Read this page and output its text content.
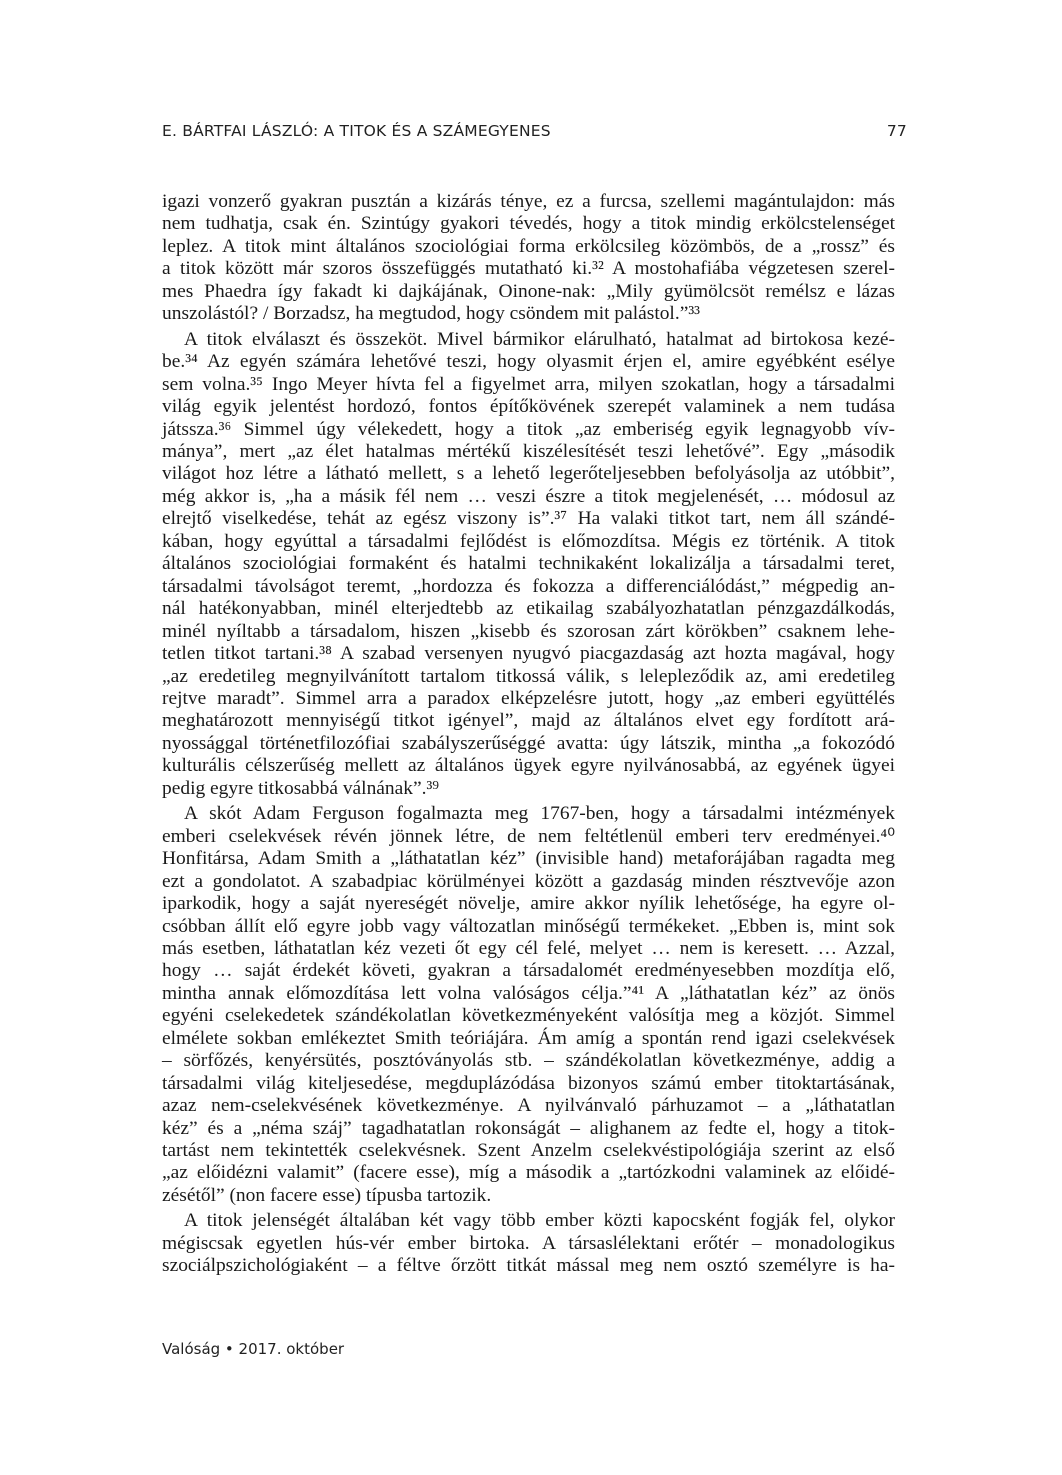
E. BÁRTFAI LÁSZLÓ: A TITOK ÉS A SZÁMEGYENES	77
igazi vonzerő gyakran pusztán a kizárás ténye, ez a furcsa, szellemi magántulajdon: más
nem tudhatja, csak én. Szintúgy gyakori tévedés, hogy a titok mindig erkölcstelenséget
leplez. A titok mint általános szociológiai forma erkölcsileg közömbös, de a „rossz” és
a titok között már szoros összefüggés mutatható ki.³² A mostohafiába végzetesen szerel-
mes Phaedra így fakadt ki dajkájának, Oinone-nak: „Mily gyümölcsöt remélsz e lázas
unszolástól? / Borzadsz, ha megtudod, hogy csöndem mit palástol.”³³
A titok elválaszt és összeköt. Mivel bármikor elárulható, hatalmat ad birtokosa kezé-
be.³⁴ Az egyén számára lehetővé teszi, hogy olyasmit érjen el, amire egyébként esélye
sem volna.³⁵ Ingo Meyer hívta fel a figyelmet arra, milyen szokatlan, hogy a társadalmi
világ egyik jelentést hordozó, fontos építőkövének szerepét valaminek a nem tudása
játssza.³⁶ Simmel úgy vélekedett, hogy a titok „az emberiség egyik legnagyobb vív-
mánya”, mert „az élet hatalmas mértékű kiszélesítését teszi lehetővé”. Egy „második
világot hoz létre a látható mellett, s a lehető legerőteljesebben befolyásolja az utóbbit”,
még akkor is, „ha a másik fél nem … veszi észre a titok megjelenését, … módosul az
elrejtő viselkedése, tehát az egész viszony is”.³⁷ Ha valaki titkot tart, nem áll szándé-
kában, hogy egyúttal a társadalmi fejlődést is előmozdítsa. Mégis ez történik. A titok
általános szociológiai formaként és hatalmi technikaként lokalizálja a társadalmi teret,
társadalmi távolságot teremt, „hordozza és fokozza a differenciálódást,” mégpedig an-
nál hatékonyabban, minél elterjedtebb az etikailag szabályozhatatlan pénzgazdálkodás,
minél nyíltabb a társadalom, hiszen „kisebb és szorosan zárt körökben” csaknem lehe-
tetlen titkot tartani.³⁸ A szabad versenyen nyugvó piacgazdaság azt hozta magával, hogy
„az eredetileg megnyilvánított tartalom titkossá válik, s lelepleződik az, ami eredetileg
rejtve maradt”. Simmel arra a paradox elképzelésre jutott, hogy „az emberi együttélés
meghatározott mennyiségű titkot igényel”, majd az általános elvet egy fordított ará-
nyossággal történetfilozófiai szabályszerűséggé avatta: úgy látszik, mintha „a fokozódó
kulturális célszerűség mellett az általános ügyek egyre nyilvánosabbá, az egyének ügyei
pedig egyre titkosabbá válnának”.³⁹
A skót Adam Ferguson fogalmazta meg 1767-ben, hogy a társadalmi intézmények
emberi cselekvések révén jönnek létre, de nem feltétlenül emberi terv eredményei.⁴⁰
Honfitársa, Adam Smith a „láthatatlan kéz” (invisible hand) metaforájában ragadta meg
ezt a gondolatot. A szabadpiac körülményei között a gazdaság minden résztvevője azon
iparkodik, hogy a saját nyereségét növelje, amire akkor nyílik lehetősége, ha egyre ol-
csóbban állít elő egyre jobb vagy változatlan minőségű termékeket. „Ebben is, mint sok
más esetben, láthatatlan kéz vezeti őt egy cél felé, melyet … nem is keresett. … Azzal,
hogy … saját érdekét követi, gyakran a társadalomét eredményesebben mozdítja elő,
mintha annak előmozdítása lett volna valóságos célja.”⁴¹ A „láthatatlan kéz” az önös
egyéni cselekedetek szándékolatlan következményeként valósítja meg a közjót. Simmel
elmélete sokban emlékeztet Smith teóriájára. Ám amíg a spontán rend igazi cselekvések
– sörfőzés, kenyérsütés, posztóványolás stb. – szándékolatlan következménye, addig a
társadalmi világ kiteljesedése, megduplázódása bizonyos számú ember titoktartásának,
azaz nem-cselekvésének következménye. A nyilvánvaló párhuzamot – a „láthatatlan
kéz” és a „néma száj” tagadhatatlan rokonságát – alighanem az fedte el, hogy a titok-
tartást nem tekintették cselekvésnek. Szent Anzelm cselekvéstipológiája szerint az első
„az előidézni valamit” (facere esse), míg a második a „tartózkodni valaminek az előidé-
zésétől” (non facere esse) típusba tartozik.
A titok jelenségét általában két vagy több ember közti kapocsként fogják fel, olykor
mégiscsak egyetlen hús-vér ember birtoka. A társaslélektani erőtér – monadologikus
szociálpszichológiaként – a féltve őrzött titkát mással meg nem osztó személyre is ha-
Valóság • 2017. október
